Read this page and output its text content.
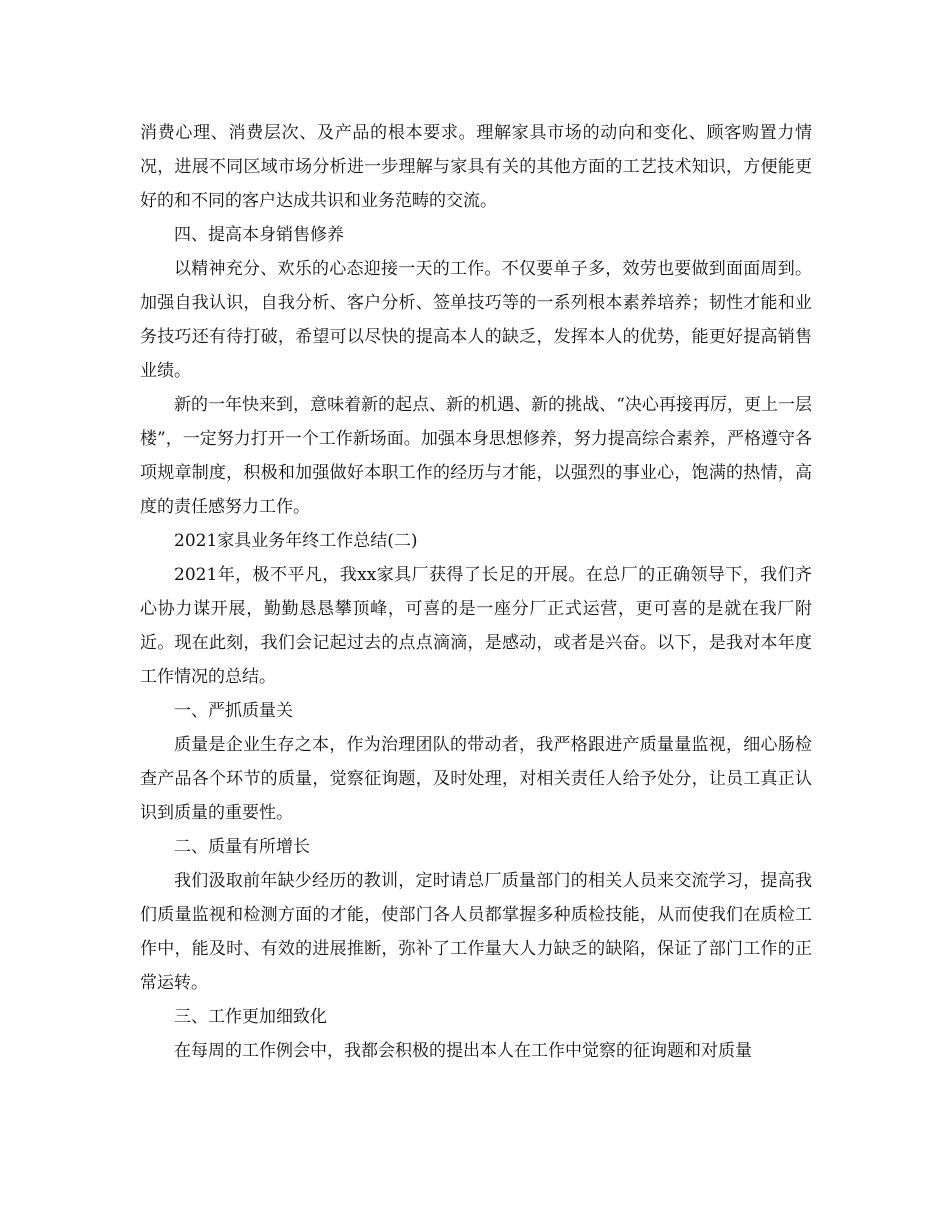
消费心理、消费层次、及产品的根本要求。理解家具市场的动向和变化、顾客购置力情况，进展不同区域市场分析进一步理解与家具有关的其他方面的工艺技术知识，方便能更好的和不同的客户达成共识和业务范畴的交流。

四、提高本身销售修养

以精神充分、欢乐的心态迎接一天的工作。不仅要单子多，效劳也要做到面面周到。加强自我认识，自我分析、客户分析、签单技巧等的一系列根本素养培养；韧性才能和业务技巧还有待打破，希望可以尽快的提高本人的缺乏，发挥本人的优势，能更好提高销售业绩。

新的一年快来到，意味着新的起点、新的机遇、新的挑战、“决心再接再厉，更上一层楼”，一定努力打开一个工作新场面。加强本身思想修养，努力提高综合素养，严格遵守各项规章制度，积极和加强做好本职工作的经历与才能，以强烈的事业心，饱满的热情，高度的责任感努力工作。

2021家具业务年终工作总结(二)

2021年，极不平凡，我xx家具厂获得了长足的开展。在总厂的正确领导下，我们齐心协力谋开展，勤勤恳恳攀顶峰，可喜的是一座分厂正式运营，更可喜的是就在我厂附近。现在此刻，我们会记起过去的点点滴滴，是感动，或者是兴奋。以下，是我对本年度工作情况的总结。

一、严抓质量关

质量是企业生存之本，作为治理团队的带动者，我严格跟进产质量量监视，细心肠检查产品各个环节的质量，觉察征询题，及时处理，对相关责任人给予处分，让员工真正认识到质量的重要性。

二、质量有所增长

我们汲取前年缺少经历的教训，定时请总厂质量部门的相关人员来交流学习，提高我们质量监视和检测方面的才能，使部门各人员都掌握多种质检技能，从而使我们在质检工作中，能及时、有效的进展推断，弥补了工作量大人力缺乏的缺陷，保证了部门工作的正常运转。

三、工作更加细致化

在每周的工作例会中，我都会积极的提出本人在工作中觉察的征询题和对质量
